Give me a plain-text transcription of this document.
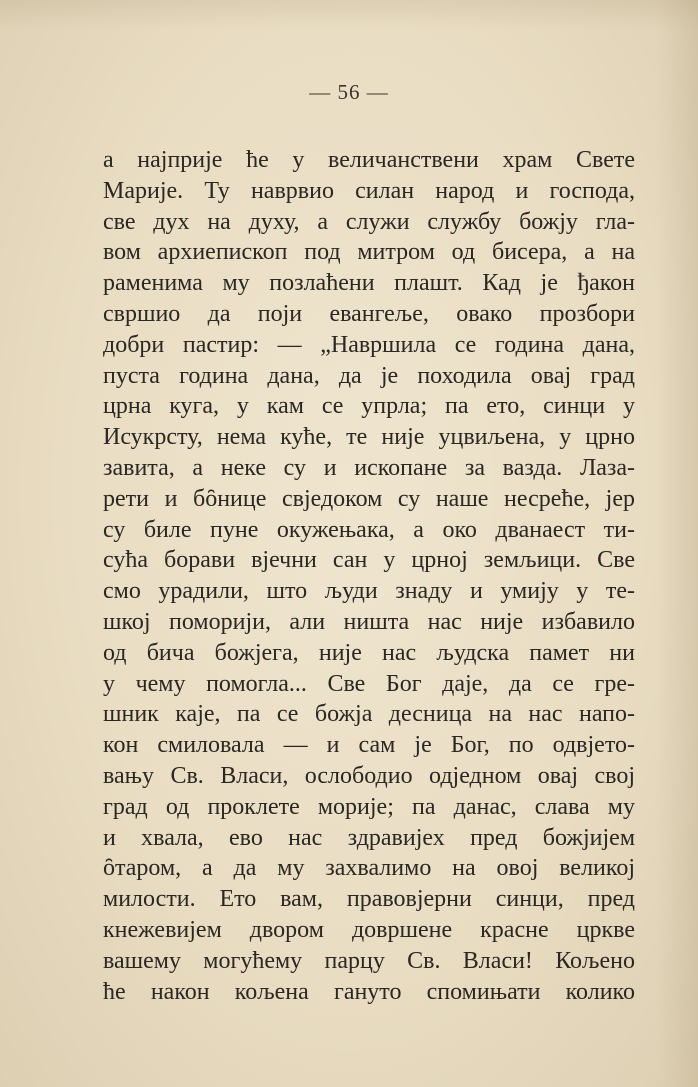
— 56 —
а најприје ће у величанствени храм Свете
Марије. Ту наврвио силан народ и господа,
све дух на духу, а служи службу божју гла-
вом архиепископ под митром од бисера, а на
раменима му позлаћени плашт. Кад је ђакон
свршио да поји евангеље, овако прозбори
добри пастир: — „Навршила се година дана,
пуста година дана, да је походила овај град
црна куга, у кам се упрла; па ето, синци у
Исукрсту, нема куће, те није уцвиљена, у црно
завита, а неке су и ископане за вазда. Лаза-
рети и бȏнице свједоком су наше несреће, јер
су биле пуне окужењака, а око дванаест ти-
сућа борави вјечни сан у црној земљици. Све
смо урадили, што људи знаду и умију у те-
шкој поморији, али ништа нас није избавило
од бича божјега, није нас људска памет ни
у чему помогла... Све Бог даје, да се гре-
шник каје, па се божја десница на нас напо-
кон смиловала — и сам је Бог, по одвјето-
вању Св. Власи, ослободио одједном овај свој
град од проклете морије; па данас, слава му
и хвала, ево нас здравијех пред божјијем
ȏтаром, а да му захвалимо на овој великој
милости. Ето вам, правовјерни синци, пред
кнежевијем двором довршене красне цркве
вашему могућему парцу Св. Власи! Кољено
ће након кољена гануто спомињати колико
